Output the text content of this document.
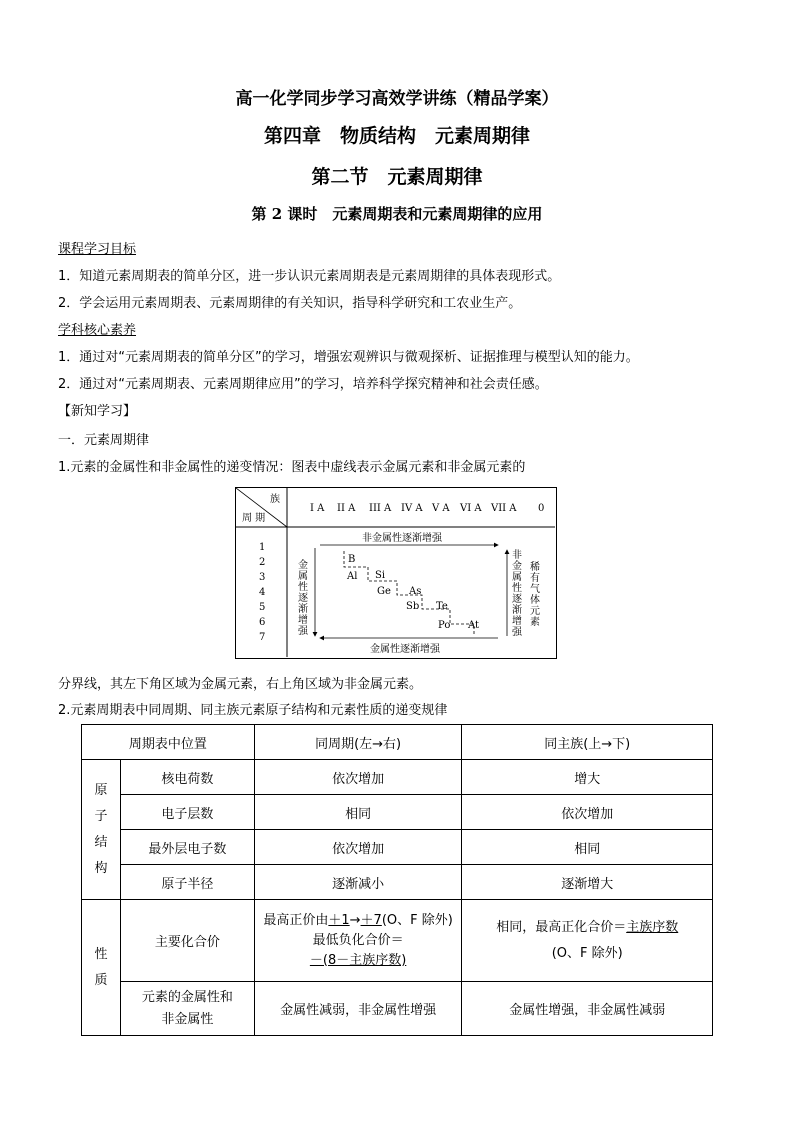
高一化学同步学习高效学讲练（精品学案）
第四章　物质结构　元素周期律
第二节　元素周期律
第 2 课时　元素周期表和元素周期律的应用
课程学习目标
1．知道元素周期表的简单分区，进一步认识元素周期表是元素周期律的具体表现形式。
2．学会运用元素周期表、元素周期律的有关知识，指导科学研究和工农业生产。
学科核心素养
1．通过对“元素周期表的简单分区”的学习，增强宏观辨识与微观探析、证据推理与模型认知的能力。
2．通过对“元素周期表、元素周期律应用”的学习，培养科学探究精神和社会责任感。
【新知学习】
一．元素周期律
1.元素的金属性和非金属性的递变情况：图表中虚线表示金属元素和非金属元素的
族
周 期
I A II A III A IV A V A VI A VII A 0
1
2
3
4
5
6
7
非金属性逐渐增强
金属性逐渐增强
金
属
性
逐
渐
增
强
非
金
属
性
逐
渐
增
强
稀
有
气
体
元
素
B
Al Si
Ge As
Sb Te
Po At
分界线，其左下角区域为金属元素，右上角区域为非金属元素。
2.元素周期表中同周期、同主族元素原子结构和元素性质的递变规律
周期表中位置		同周期(左→右)	同主族(上→下)

原
子
结
构	核电荷数	依次增加	增大
	电子层数	相同	依次增加
	最外层电子数	依次增加	相同
	原子半径	逐渐减小	逐渐增大

性
质	主要化合价	最高正价由＋1→＋7(O、F 除外)
最低负化合价＝
－(8－主族序数)	相同，最高正化合价＝主族序数
(O、F 除外)
	元素的金属性和非金属性	金属性减弱，非金属性增强	金属性增强，非金属性减弱
